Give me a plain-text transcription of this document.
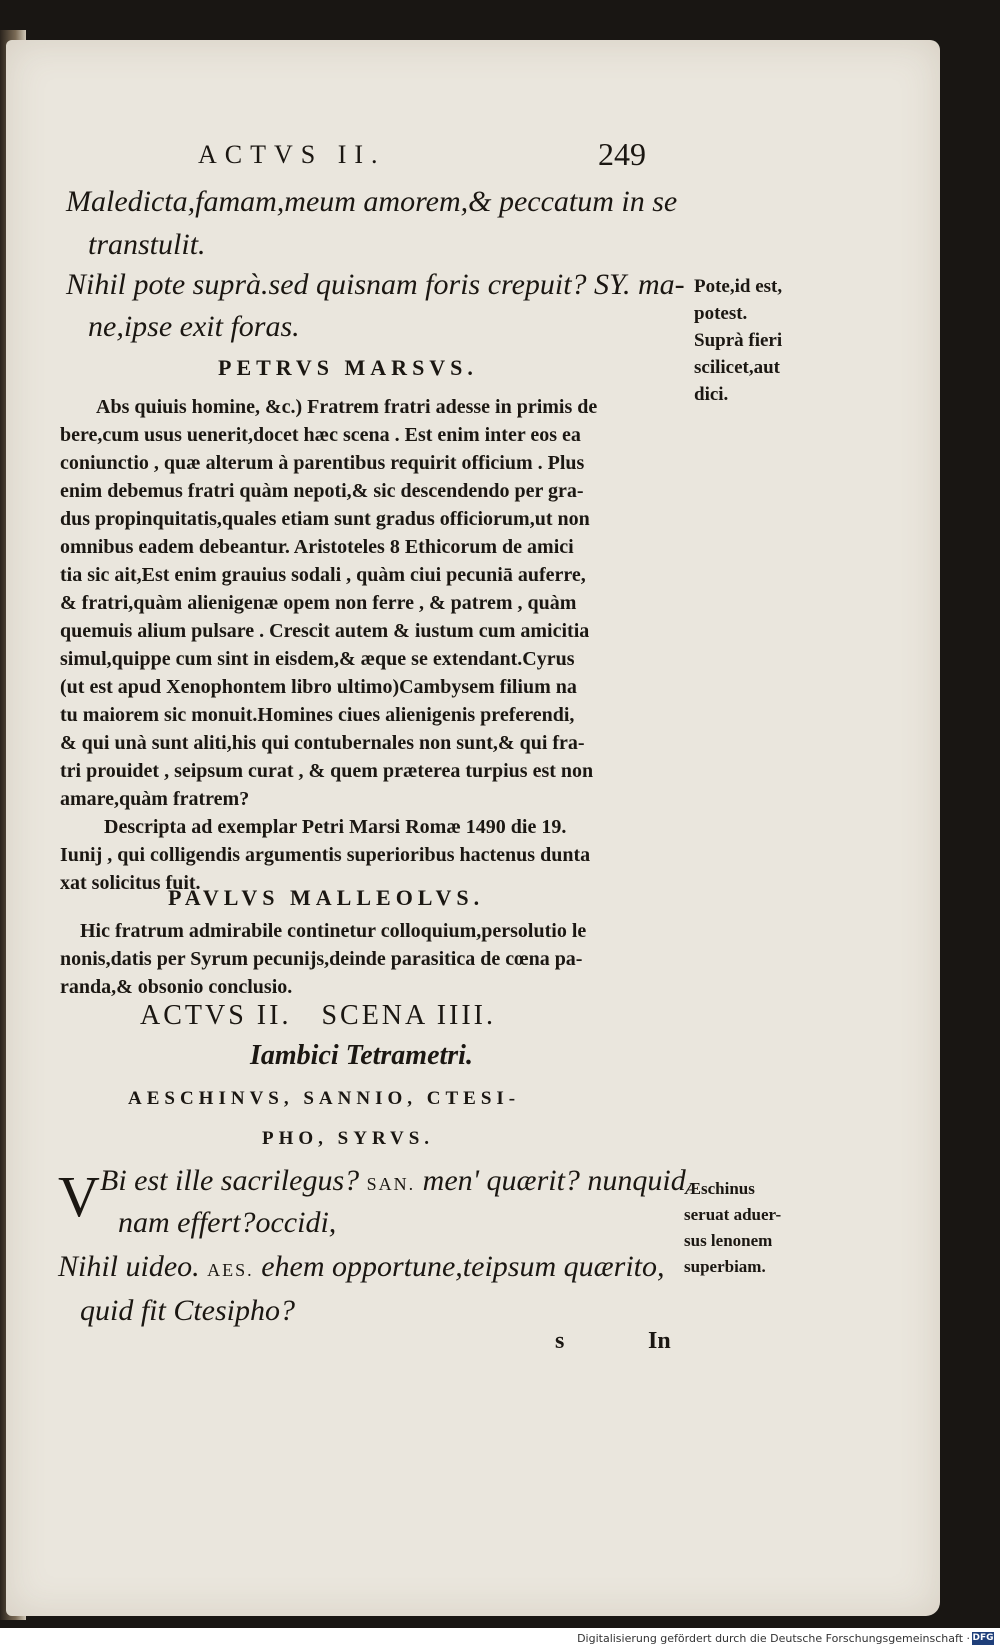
ACTVS II.	249
Maledicta,famam,meum amorem,& peccatum in se
transtulit.
Nihil pote suprà.sed quisnam foris crepuit? SY. ma-
ne,ipse exit foras.
PETRVS MARSVS.
Abs quiuis homine, &c.) Fratrem fratri adesse in primis de
bere,cum usus uenerit,docet hæc scena . Est enim inter eos ea
coniunctio , quæ alterum à parentibus requirit officium . Plus
enim debemus fratri quàm nepoti,& sic descendendo per gra-
dus propinquitatis,quales etiam sunt gradus officiorum,ut non
omnibus eadem debeantur. Aristoteles 8 Ethicorum de amici
tia sic ait,Est enim grauius sodali , quàm ciui pecuniā auferre,
& fratri,quàm alienigenæ opem non ferre , & patrem , quàm
quemuis alium pulsare . Crescit autem & iustum cum amicitia
simul,quippe cum sint in eisdem,& æque se extendant.Cyrus
(ut est apud Xenophontem libro ultimo)Cambysem filium na
tu maiorem sic monuit.Homines ciues alienigenis preferendi,
& qui unà sunt aliti,his qui contubernales non sunt,& qui fra-
tri prouidet , seipsum curat , & quem præterea turpius est non
amare,quàm fratrem?
Descripta ad exemplar Petri Marsi Romæ 1490 die 19.
Iunij , qui colligendis argumentis superioribus hactenus dunta
xat solicitus fuit.
PAVLVS MALLEOLVS.
Hic fratrum admirabile continetur colloquium,persolutio le
nonis,datis per Syrum pecunijs,deinde parasitica de cœna pa-
randa,& obsonio conclusio.
ACTVS II.   SCENA IIII.
Iambici Tetrametri.
AESCHINVS, SANNIO, CTESI-
PHO, SYRVS.
V Bi est ille sacrilegus? SAN. men' quærit? nunquid
nam effert?occidi,
Nihil uideo. AES. ehem opportune,teipsum quærito,
quid fit Ctesipho?
s	In
Pote,id est,
potest.
Suprà fieri
scilicet,aut
dici.
Æschinus
seruat aduer-
sus lenonem
superbiam.
Digitalisierung gefördert durch die Deutsche Forschungsgemeinschaft · DFG
